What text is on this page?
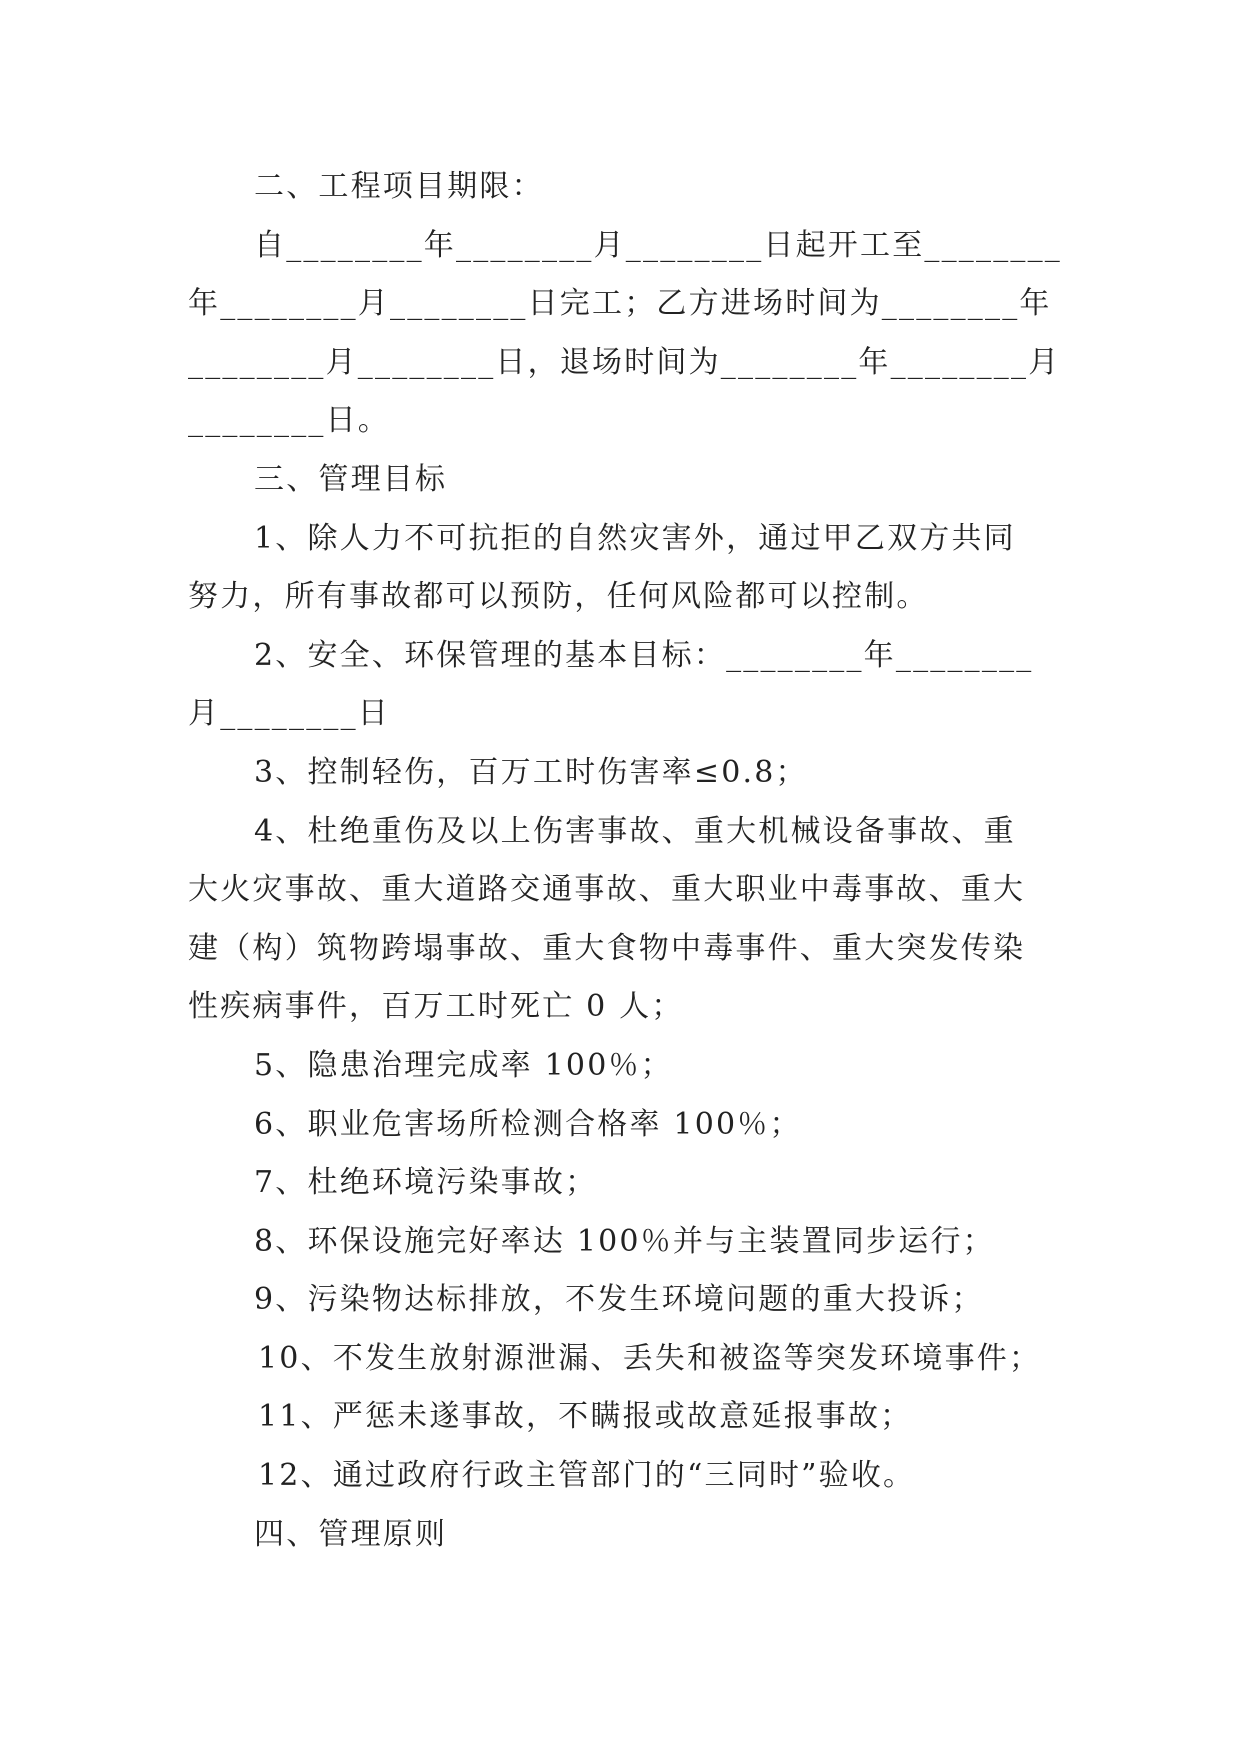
二、工程项目期限：

自________年________月________日起开工至________

年________月________日完工；乙方进场时间为________年

________月________日，退场时间为________年________月

________日。

三、管理目标

1、除人力不可抗拒的自然灾害外，通过甲乙双方共同

努力，所有事故都可以预防，任何风险都可以控制。

2、安全、环保管理的基本目标：________年________

月________日

3、控制轻伤，百万工时伤害率≤0.8；

4、杜绝重伤及以上伤害事故、重大机械设备事故、重

大火灾事故、重大道路交通事故、重大职业中毒事故、重大

建（构）筑物跨塌事故、重大食物中毒事件、重大突发传染

性疾病事件，百万工时死亡 0 人；

5、隐患治理完成率 100％；

6、职业危害场所检测合格率 100％；

7、杜绝环境污染事故；

8、环保设施完好率达 100％并与主装置同步运行；

9、污染物达标排放，不发生环境问题的重大投诉；

10、不发生放射源泄漏、丢失和被盗等突发环境事件；

11、严惩未遂事故，不瞒报或故意延报事故；

12、通过政府行政主管部门的“三同时”验收。

四、管理原则
